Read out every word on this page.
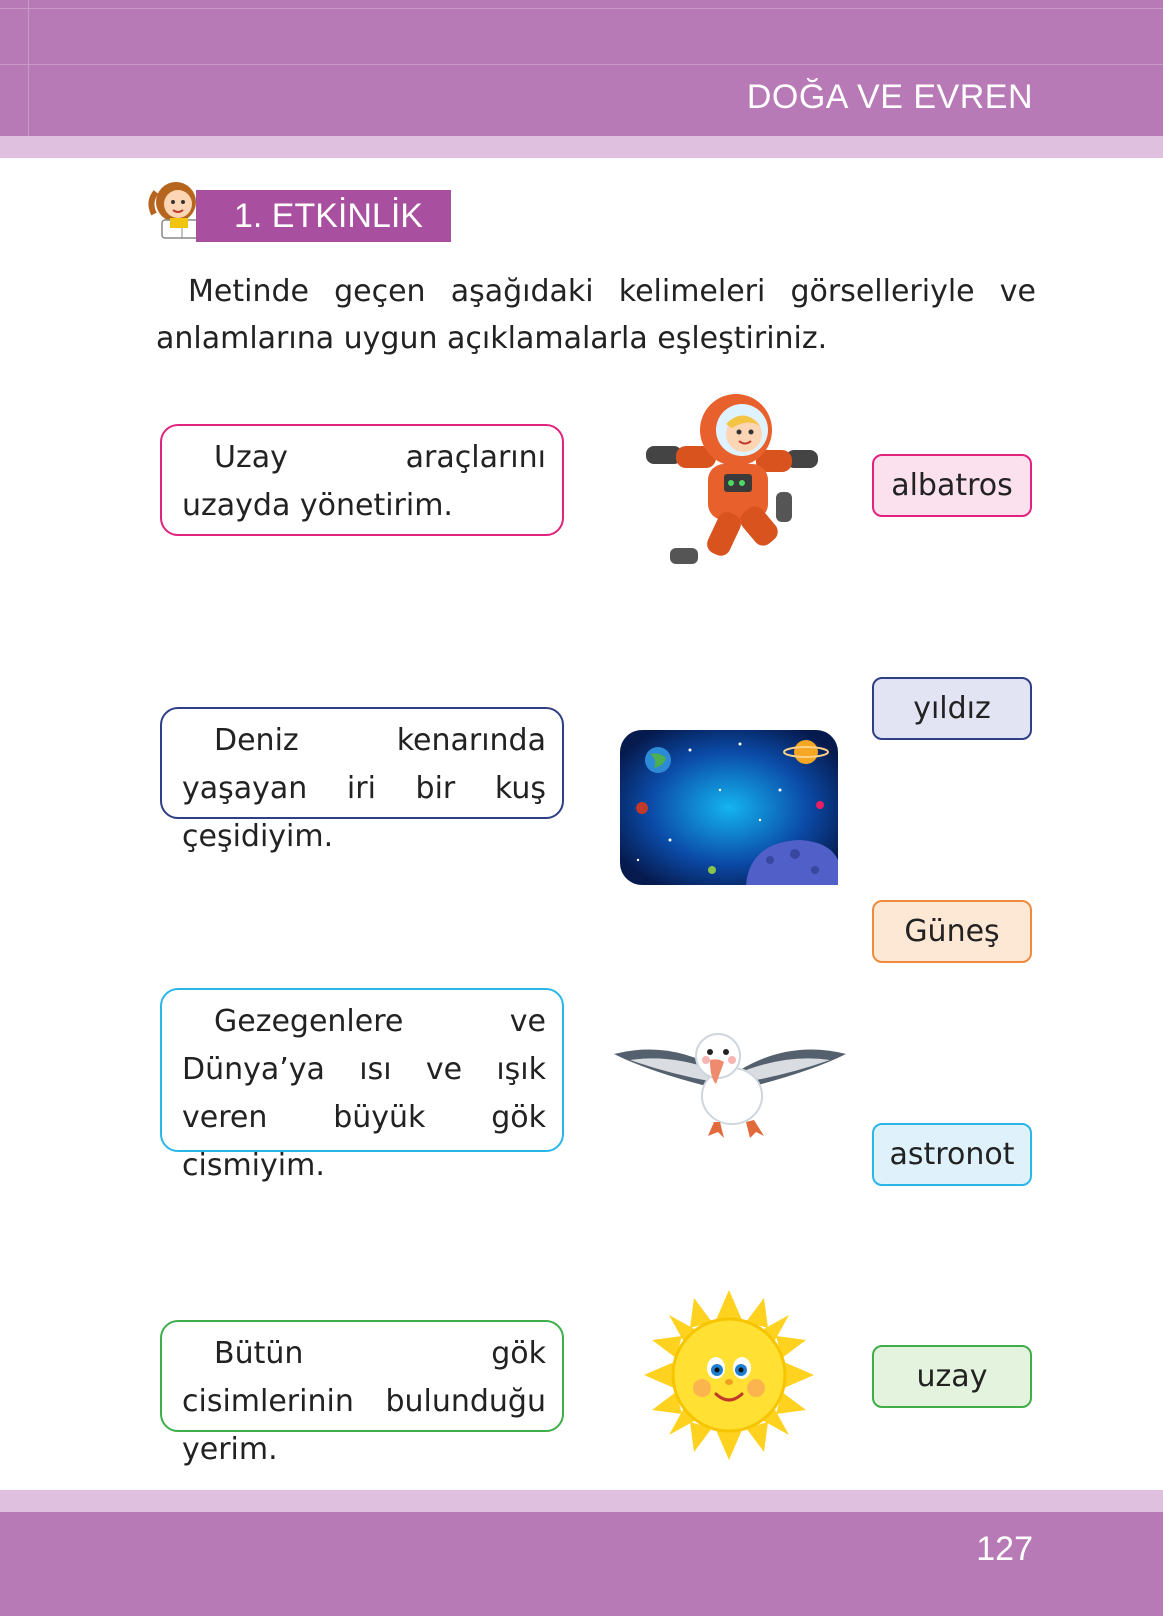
DOĞA VE EVREN
1. ETKİNLİK
Metinde geçen aşağıdaki kelimeleri görselleriyle ve anlamlarına uygun açıklamalarla eşleştiriniz.
Uzay araçlarını uzayda yönetirim.
Deniz kenarında yaşayan iri bir kuş çeşidiyim.
Gezegenlere ve Dünya’ya ısı ve ışık veren büyük gök cismiyim.
Bütün gök cisimlerinin bulunduğu yerim.
albatros
yıldız
Güneş
astronot
uzay
127
